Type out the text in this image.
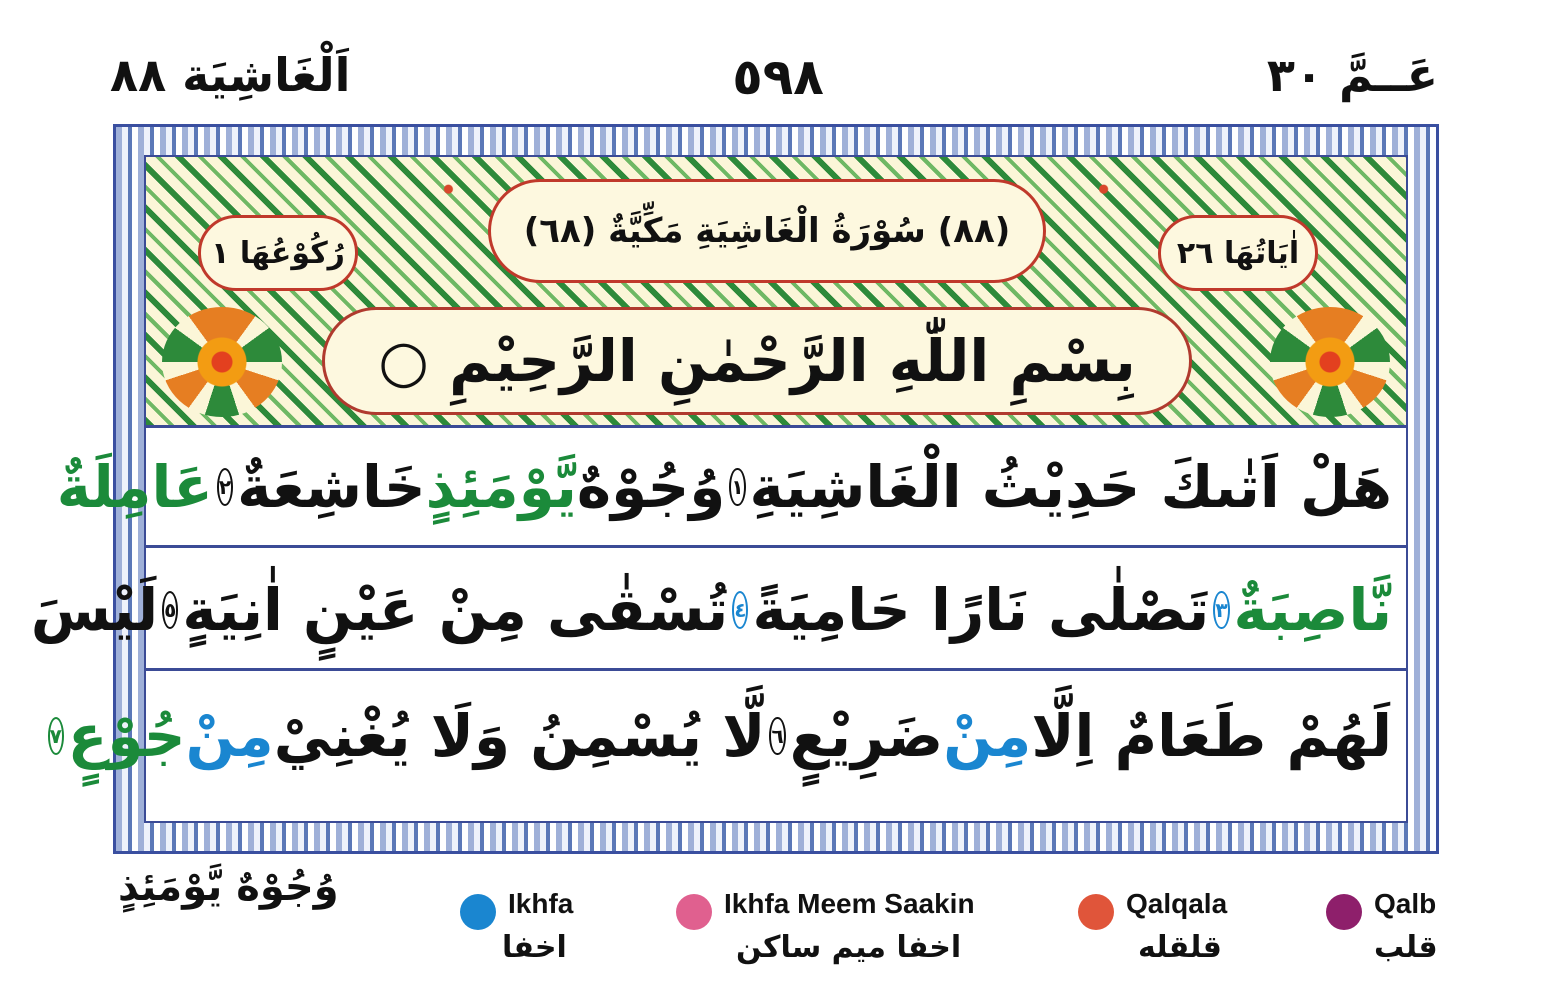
عَــمَّ ٣٠
٥٩٨
اَلْغَاشِيَة ٨٨
اٰيَاتُهَا ٢٦
(٨٨) سُوْرَةُ الْغَاشِيَةِ مَكِّيَّةٌ (٦٨)
رُكُوْعُهَا ١
بِسْمِ اللّٰهِ الرَّحْمٰنِ الرَّحِيْمِ ○
هَلْ اَتٰىكَ حَدِيْثُ الْغَاشِيَةِ
١
وُجُوْهٌ
يَّوْمَئِذٍ
خَاشِعَةٌ
٢
عَامِلَةٌ
نَّاصِبَةٌ
٣
تَصْلٰى نَارًا حَامِيَةً
٤
تُسْقٰى مِنْ عَيْنٍ اٰنِيَةٍ
٥
لَيْسَ
لَهُمْ طَعَامٌ اِلَّا
مِنْ
ضَرِيْعٍ
٦
لَّا يُسْمِنُ وَلَا يُغْنِيْ
مِنْ
جُوْعٍ
٧
وُجُوْهٌ يَّوْمَئِذٍ	Ikhfa
اخفا
Ikhfa Meem Saakin
اخفا میم ساکن
Qalqala
قلقله
Qalb
قلب
